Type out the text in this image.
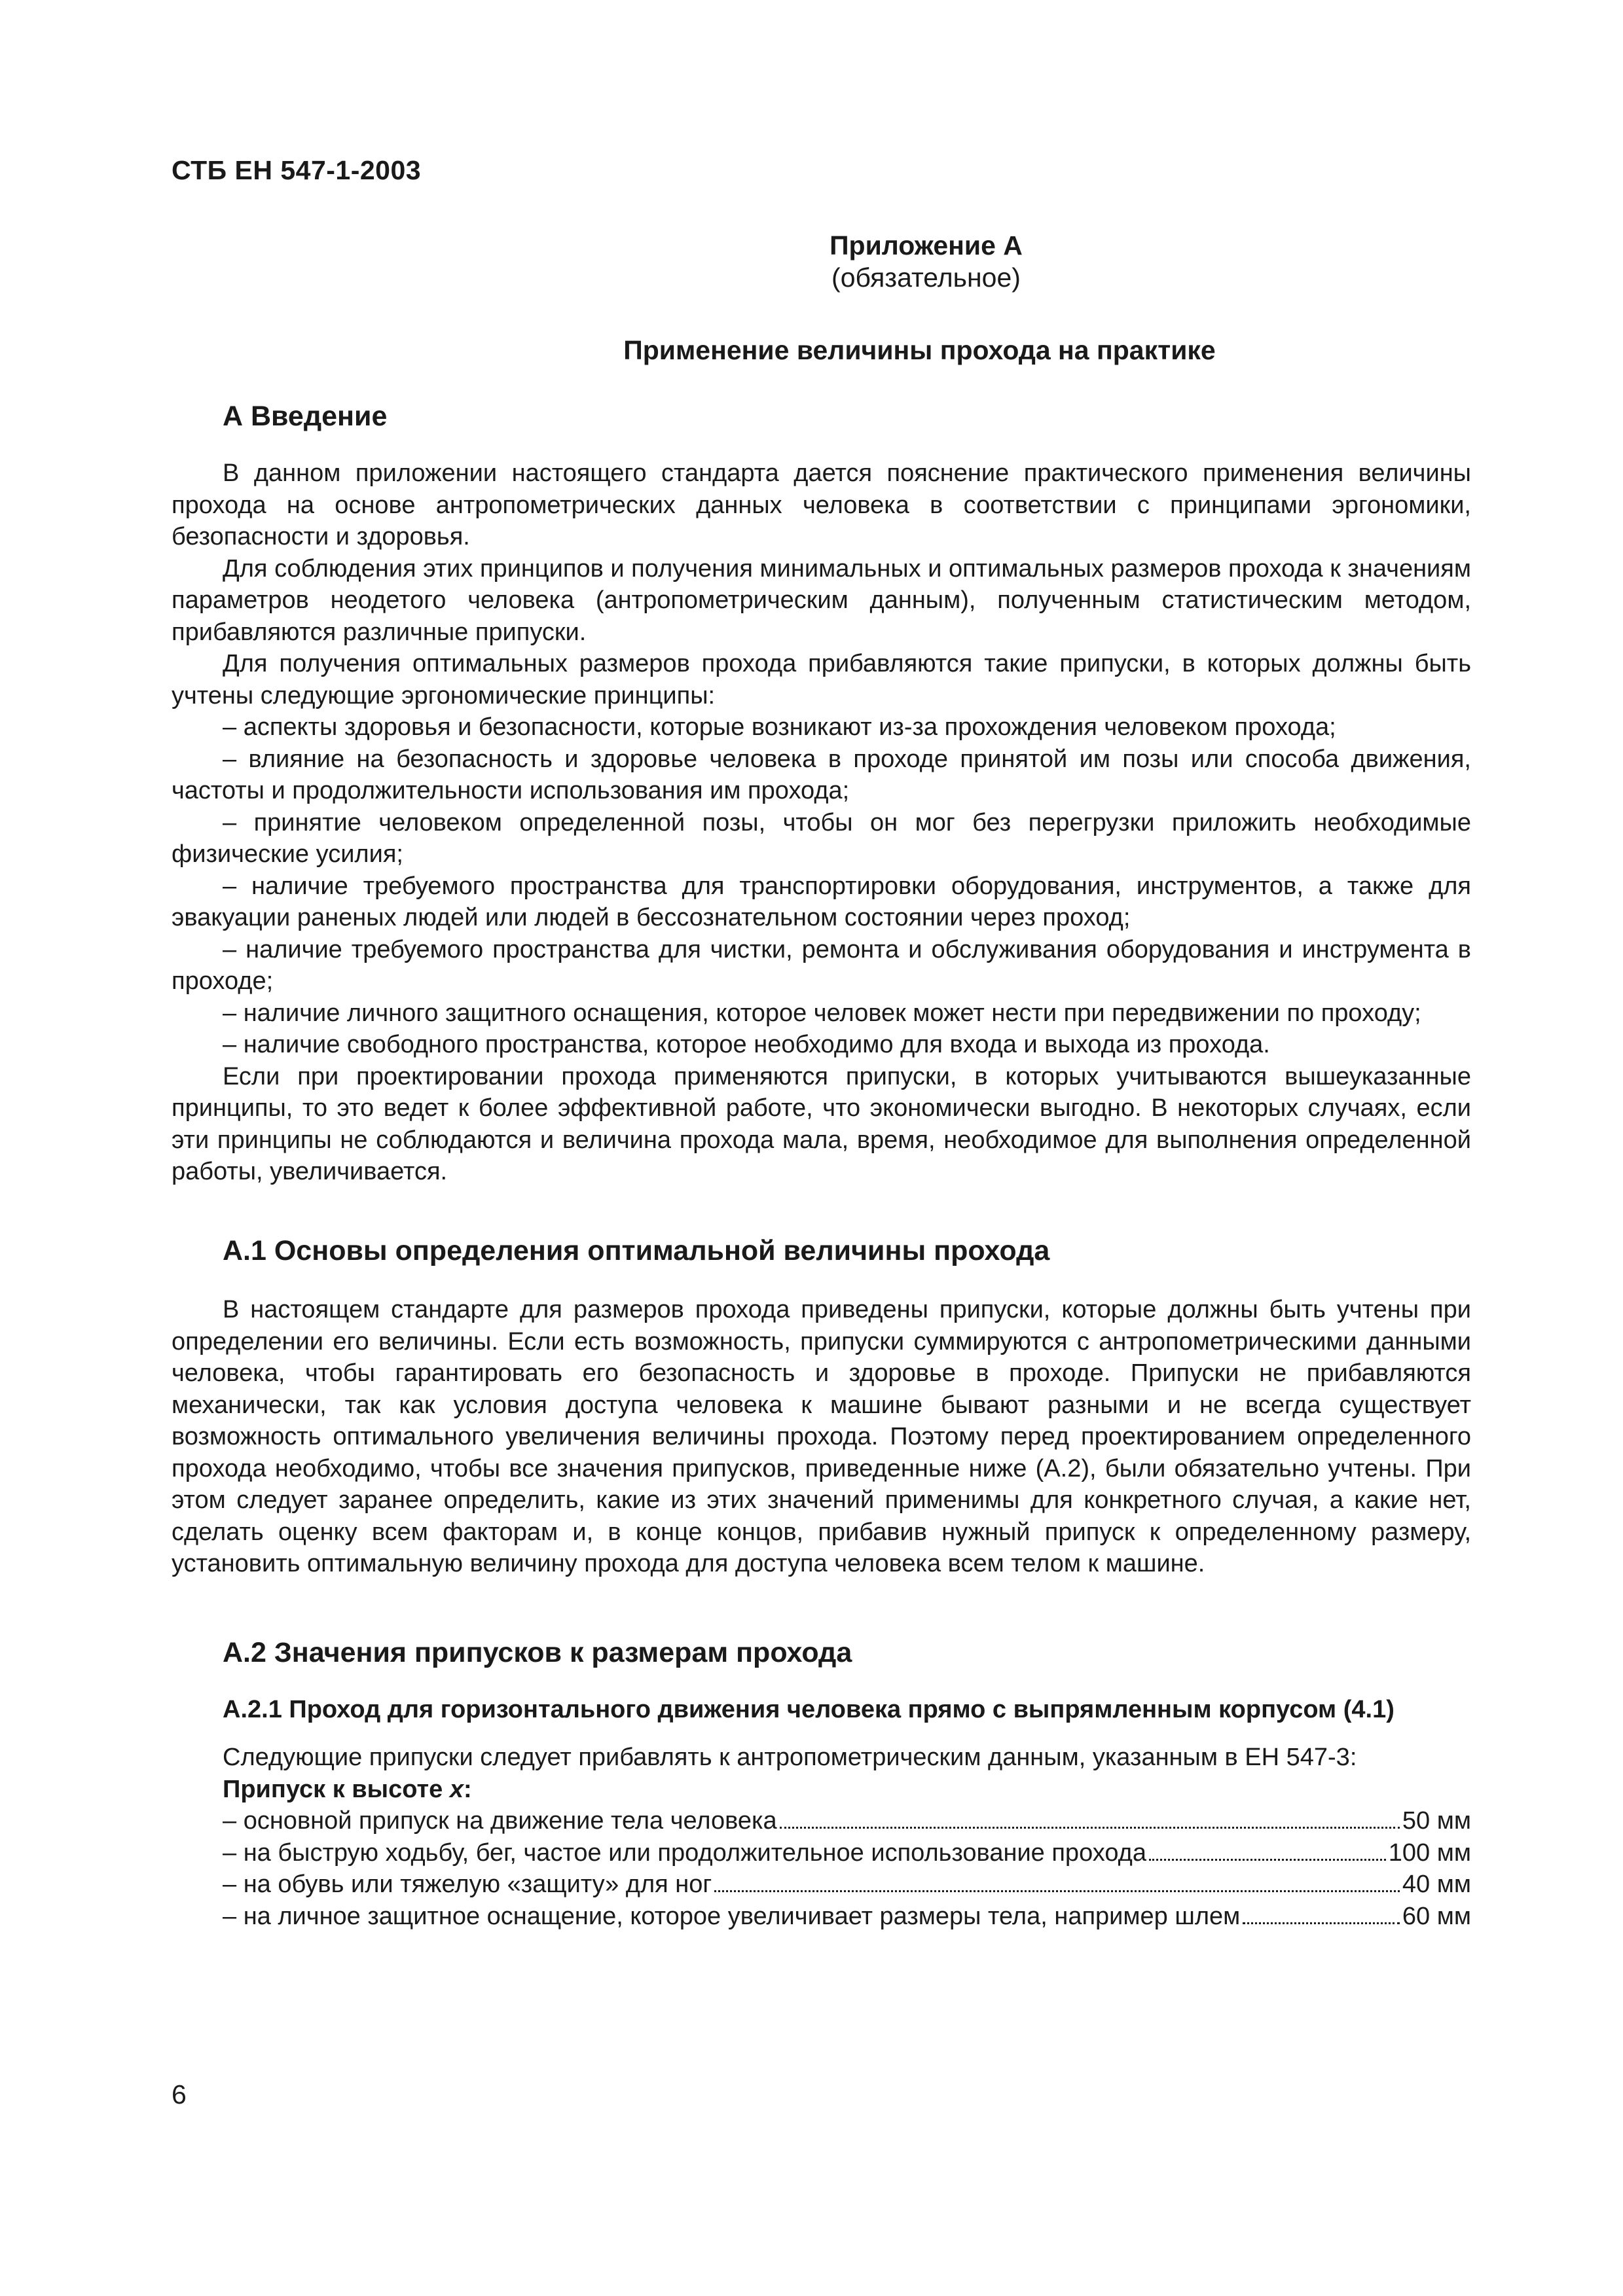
СТБ ЕН 547-1-2003
Приложение А
(обязательное)
Применение величины прохода на практике
А Введение

В данном приложении настоящего стандарта дается пояснение практического применения величины прохода на основе антропометрических данных человека в соответствии с принципами эргономики, безопасности и здоровья.

Для соблюдения этих принципов и получения минимальных и оптимальных размеров прохода к значениям параметров неодетого человека (антропометрическим данным), полученным статистическим методом, прибавляются различные припуски.

Для получения оптимальных размеров прохода прибавляются такие припуски, в которых должны быть учтены следующие эргономические принципы:

– аспекты здоровья и безопасности, которые возникают из-за прохождения человеком прохода;

– влияние на безопасность и здоровье человека в проходе принятой им позы или способа движения, частоты и продолжительности использования им прохода;

– принятие человеком определенной позы, чтобы он мог без перегрузки приложить необходимые физические усилия;

– наличие требуемого пространства для транспортировки оборудования, инструментов, а также для эвакуации раненых людей или людей в бессознательном состоянии через проход;

– наличие требуемого пространства для чистки, ремонта и обслуживания оборудования и инструмента в проходе;

– наличие личного защитного оснащения, которое человек может нести при передвижении по проходу;

– наличие свободного пространства, которое необходимо для входа и выхода из прохода.

Если при проектировании прохода применяются припуски, в которых учитываются вышеуказанные принципы, то это ведет к более эффективной работе, что экономически выгодно. В некоторых случаях, если эти принципы не соблюдаются и величина прохода мала, время, необходимое для выполнения определенной работы, увеличивается.

А.1 Основы определения оптимальной величины прохода

В настоящем стандарте для размеров прохода приведены припуски, которые должны быть учтены при определении его величины. Если есть возможность, припуски суммируются с антропометрическими данными человека, чтобы гарантировать его безопасность и здоровье в проходе. Припуски не прибавляются механически, так как условия доступа человека к машине бывают разными и не всегда существует возможность оптимального увеличения величины прохода. Поэтому перед проектированием определенного прохода необходимо, чтобы все значения припусков, приведенные ниже (А.2), были обязательно учтены. При этом следует заранее определить, какие из этих значений применимы для конкретного случая, а какие нет, сделать оценку всем факторам и, в конце концов, прибавив нужный припуск к определенному размеру, установить оптимальную величину прохода для доступа человека всем телом к машине.

А.2 Значения припусков к размерам прохода
А.2.1 Проход для горизонтального движения человека прямо с выпрямленным корпусом (4.1)

Следующие припуски следует прибавлять к антропометрическим данным, указанным в ЕН 547-3:

Припуск к высоте x:

– основной припуск на движение тела человека	50 мм
– на быструю ходьбу, бег, частое или продолжительное использование прохода	100 мм
– на обувь или тяжелую «защиту» для ног	40 мм
– на личное защитное оснащение, которое увеличивает размеры тела, например шлем	60 мм
6
